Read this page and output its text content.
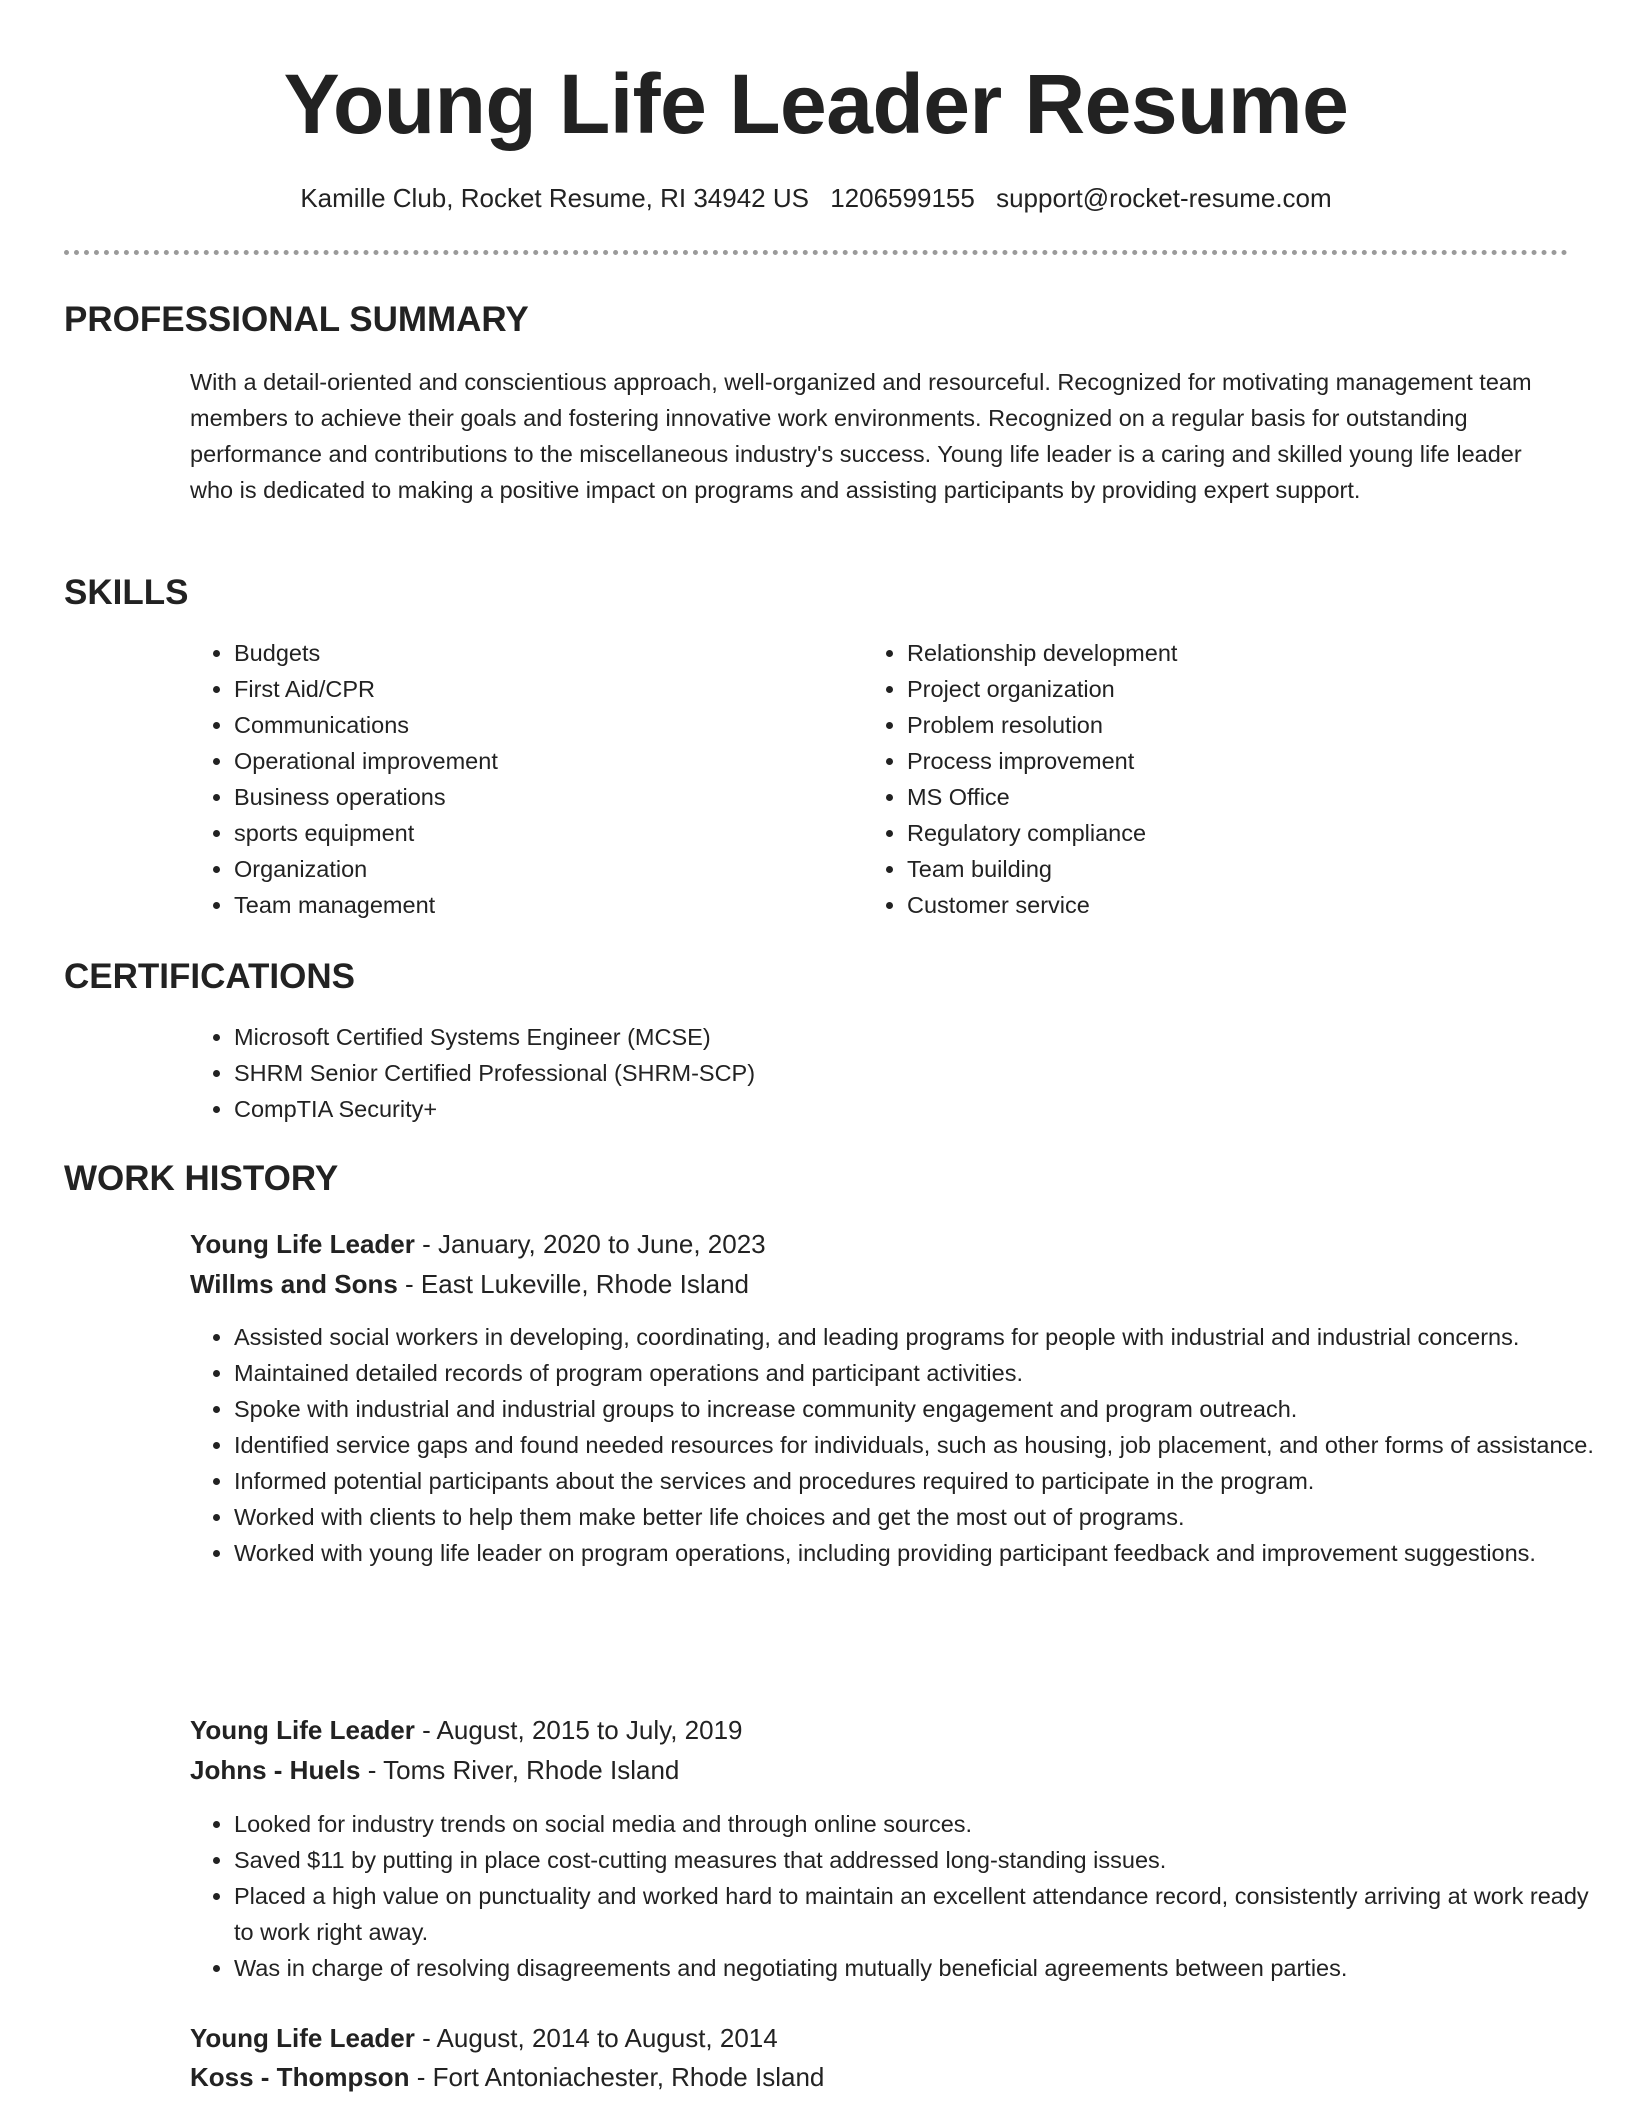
Young Life Leader Resume
Kamille Club, Rocket Resume, RI 34942 US 1206599155 support@rocket-resume.com
PROFESSIONAL SUMMARY

With a detail-oriented and conscientious approach, well-organized and resourceful. Recognized for motivating management team members to achieve their goals and fostering innovative work environments. Recognized on a regular basis for outstanding performance and contributions to the miscellaneous industry's success. Young life leader is a caring and skilled young life leader who is dedicated to making a positive impact on programs and assisting participants by providing expert support.

SKILLS
• Budgets
• First Aid/CPR
• Communications
• Operational improvement
• Business operations
• sports equipment
• Organization
• Team management
• Relationship development
• Project organization
• Problem resolution
• Process improvement
• MS Office
• Regulatory compliance
• Team building
• Customer service
CERTIFICATIONS
• Microsoft Certified Systems Engineer (MCSE)
• SHRM Senior Certified Professional (SHRM-SCP)
• CompTIA Security+
WORK HISTORY
Young Life Leader - January, 2020 to June, 2023
Willms and Sons - East Lukeville, Rhode Island
• Assisted social workers in developing, coordinating, and leading programs for people with industrial and industrial concerns.
• Maintained detailed records of program operations and participant activities.
• Spoke with industrial and industrial groups to increase community engagement and program outreach.
• Identified service gaps and found needed resources for individuals, such as housing, job placement, and other forms of assistance.
• Informed potential participants about the services and procedures required to participate in the program.
• Worked with clients to help them make better life choices and get the most out of programs.
• Worked with young life leader on program operations, including providing participant feedback and improvement suggestions.
Young Life Leader - August, 2015 to July, 2019
Johns - Huels - Toms River, Rhode Island
• Looked for industry trends on social media and through online sources.
• Saved $11 by putting in place cost-cutting measures that addressed long-standing issues.
• Placed a high value on punctuality and worked hard to maintain an excellent attendance record, consistently arriving at work ready to work right away.
• Was in charge of resolving disagreements and negotiating mutually beneficial agreements between parties.
Young Life Leader - August, 2014 to August, 2014
Koss - Thompson - Fort Antoniachester, Rhode Island
